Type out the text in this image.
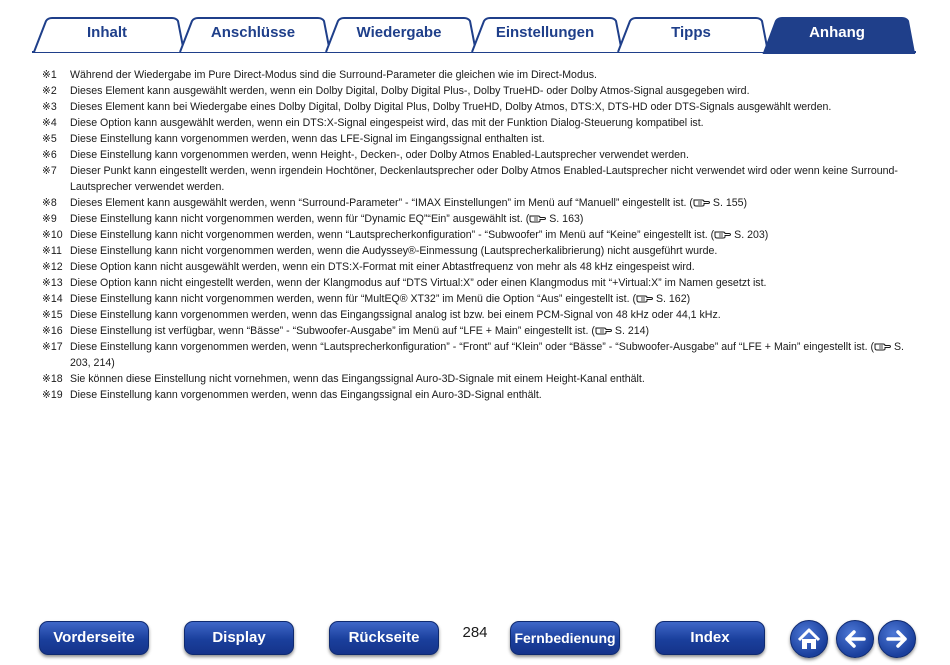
Inhalt	Anschlüsse	Wiedergabe	Einstellungen	Tipps	Anhang
※1	Während der Wiedergabe im Pure Direct-Modus sind die Surround-Parameter die gleichen wie im Direct-Modus.
※2	Dieses Element kann ausgewählt werden, wenn ein Dolby Digital, Dolby Digital Plus-, Dolby TrueHD- oder Dolby Atmos-Signal ausgegeben wird.
※3	Dieses Element kann bei Wiedergabe eines Dolby Digital, Dolby Digital Plus, Dolby TrueHD, Dolby Atmos, DTS:X, DTS-HD oder DTS-Signals ausgewählt werden.
※4	Diese Option kann ausgewählt werden, wenn ein DTS:X-Signal eingespeist wird, das mit der Funktion Dialog-Steuerung kompatibel ist.
※5	Diese Einstellung kann vorgenommen werden, wenn das LFE-Signal im Eingangssignal enthalten ist.
※6	Diese Einstellung kann vorgenommen werden, wenn Height-, Decken-, oder Dolby Atmos Enabled-Lautsprecher verwendet werden.
※7	Dieser Punkt kann eingestellt werden, wenn irgendein Hochtöner, Deckenlautsprecher oder Dolby Atmos Enabled-Lautsprecher nicht verwendet wird oder wenn keine Surround-Lautsprecher verwendet werden.
※8	Dieses Element kann ausgewählt werden, wenn “Surround-Parameter” - “IMAX Einstellungen” im Menü auf “Manuell” eingestellt ist. ( S. 155)
※9	Diese Einstellung kann nicht vorgenommen werden, wenn für “Dynamic EQ”“Ein” ausgewählt ist. ( S. 163)
※10 Diese Einstellung kann nicht vorgenommen werden, wenn “Lautsprecherkonfiguration” - “Subwoofer” im Menü auf “Keine” eingestellt ist. ( S. 203)
※11 Diese Einstellung kann nicht vorgenommen werden, wenn die Audyssey®-Einmessung (Lautsprecherkalibrierung) nicht ausgeführt wurde.
※12 Diese Option kann nicht ausgewählt werden, wenn ein DTS:X-Format mit einer Abtastfrequenz von mehr als 48 kHz eingespeist wird.
※13 Diese Option kann nicht eingestellt werden, wenn der Klangmodus auf “DTS Virtual:X” oder einen Klangmodus mit “+Virtual:X” im Namen gesetzt ist.
※14 Diese Einstellung kann nicht vorgenommen werden, wenn für “MultEQ® XT32” im Menü die Option “Aus” eingestellt ist. ( S. 162)
※15 Diese Einstellung kann vorgenommen werden, wenn das Eingangssignal analog ist bzw. bei einem PCM-Signal von 48 kHz oder 44,1 kHz.
※16 Diese Einstellung ist verfügbar, wenn “Bässe” - “Subwoofer-Ausgabe” im Menü auf “LFE + Main” eingestellt ist. ( S. 214)
※17 Diese Einstellung kann vorgenommen werden, wenn “Lautsprecherkonfiguration” - “Front” auf “Klein” oder “Bässe” - “Subwoofer-Ausgabe” auf “LFE + Main” eingestellt ist. ( S. 203, 214)
※18 Sie können diese Einstellung nicht vornehmen, wenn das Eingangssignal Auro-3D-Signale mit einem Height-Kanal enthält.
※19 Diese Einstellung kann vorgenommen werden, wenn das Eingangssignal ein Auro-3D-Signal enthält.
Vorderseite	Display	Rückseite	284	Fernbedienung	Index
